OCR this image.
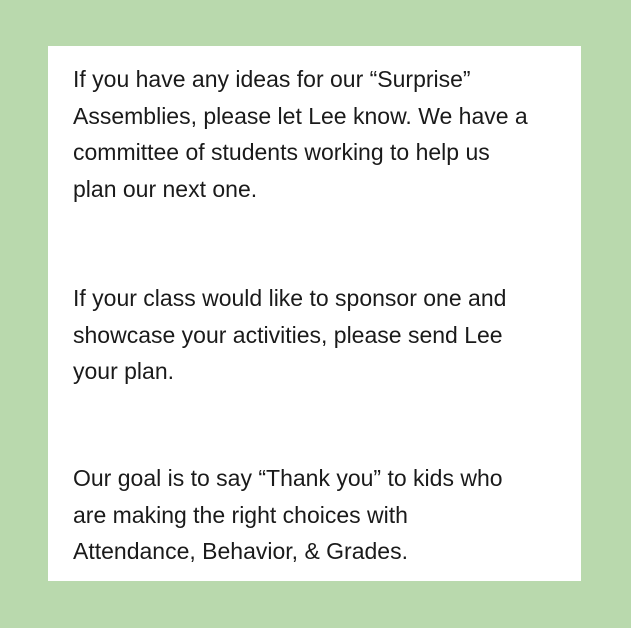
If you have any ideas for our “Surprise”
Assemblies, please let Lee know. We have a
committee of students working to help us
plan our next one.

If your class would like to sponsor one and
showcase your activities, please send Lee
your plan.

Our goal is to say “Thank you” to kids who
are making the right choices with
Attendance, Behavior, & Grades.
